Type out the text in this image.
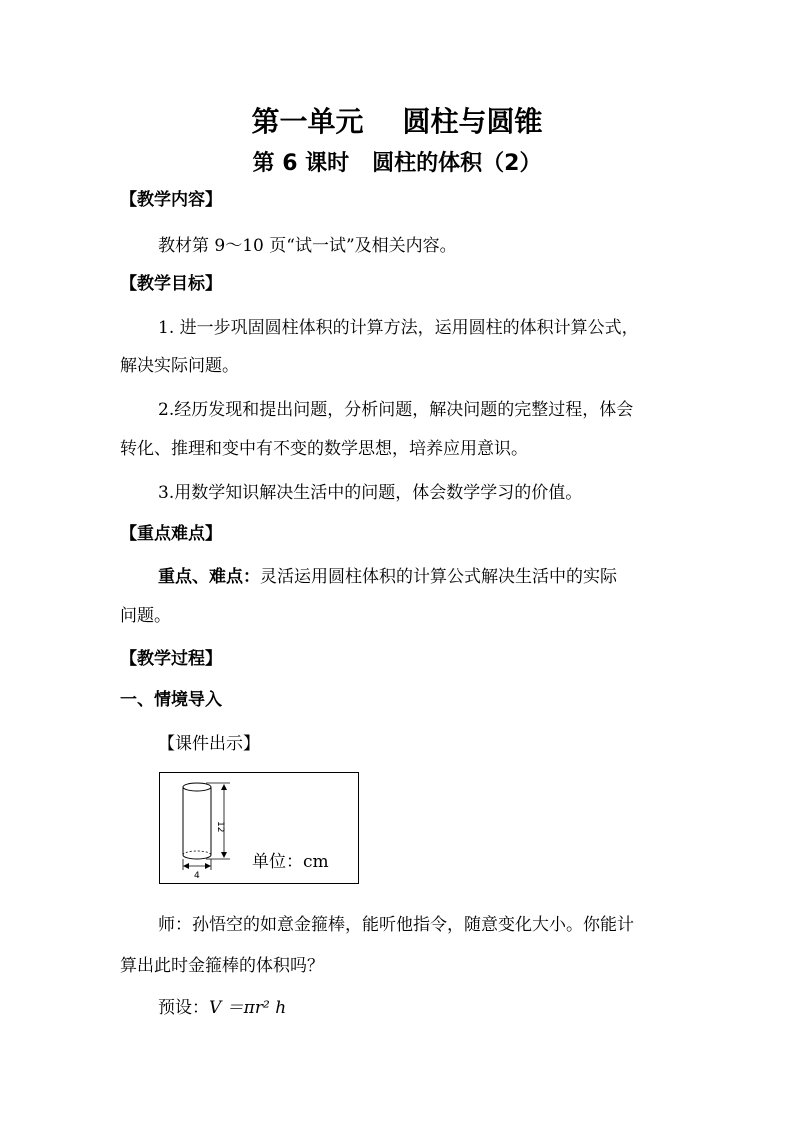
第一单元    圆柱与圆锥
第 6 课时   圆柱的体积（2）
【教学内容】
教材第 9～10 页“试一试”及相关内容。
【教学目标】
1. 进一步巩固圆柱体积的计算方法，运用圆柱的体积计算公式，
解决实际问题。
2.经历发现和提出问题，分析问题，解决问题的完整过程，体会
转化、推理和变中有不变的数学思想，培养应用意识。
3.用数学知识解决生活中的问题，体会数学学习的价值。
【重点难点】
重点、难点：灵活运用圆柱体积的计算公式解决生活中的实际
问题。
【教学过程】
一、情境导入
【课件出示】
12
4
单位：cm
师：孙悟空的如意金箍棒，能听他指令，随意变化大小。你能计
算出此时金箍棒的体积吗？
预设：V ＝πr² h
